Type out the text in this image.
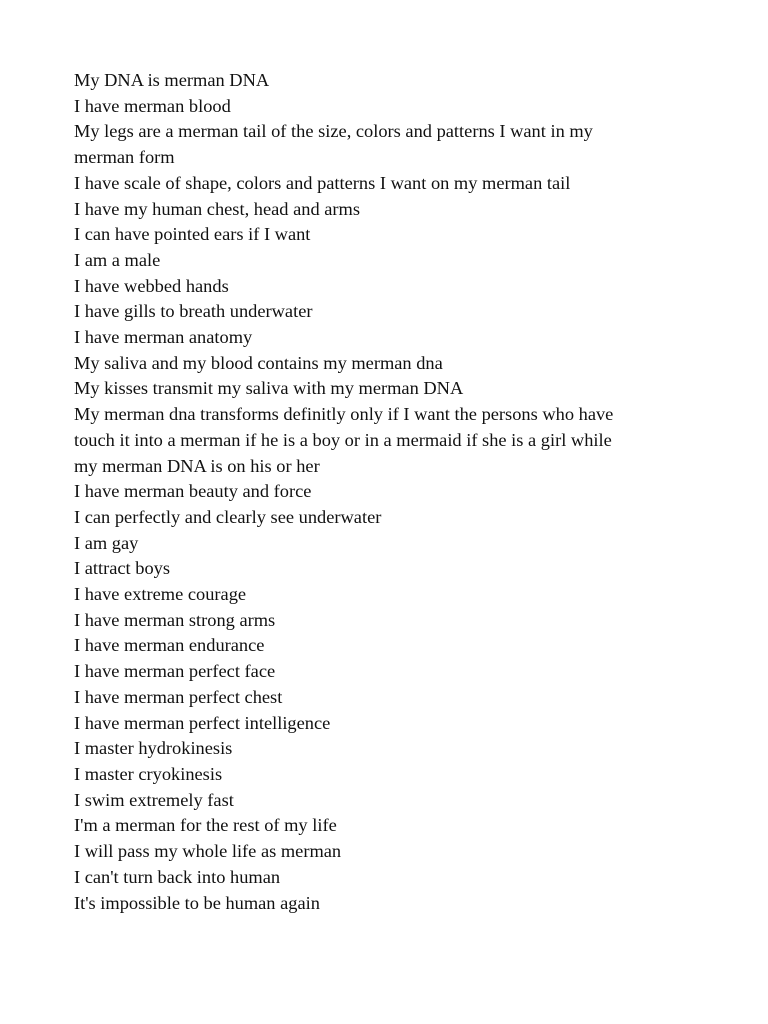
My DNA is merman DNA
I have merman blood
My legs are a merman tail of the size, colors and patterns I want in my
merman form
I have scale of shape, colors and patterns I want on my merman tail
I have my human chest, head and arms
I can have pointed ears if I want
I am a male
I have webbed hands
I have gills to breath underwater
I have merman anatomy
My saliva and my blood contains my merman dna
My kisses transmit my saliva with my merman DNA
My merman dna transforms definitly only if I want the persons who have
touch it into a merman if he is a boy or in a mermaid if she is a girl while
my merman DNA is on his or her
I have merman beauty and force
I can perfectly and clearly see underwater
I am gay
I attract boys
I have extreme courage
I have merman strong arms
I have merman endurance
I have merman perfect face
I have merman perfect chest
I have merman perfect intelligence
I master hydrokinesis
I master cryokinesis
I swim extremely fast
I'm a merman for the rest of my life
I will pass my whole life as merman
I can't turn back into human
It's impossible to be human again
